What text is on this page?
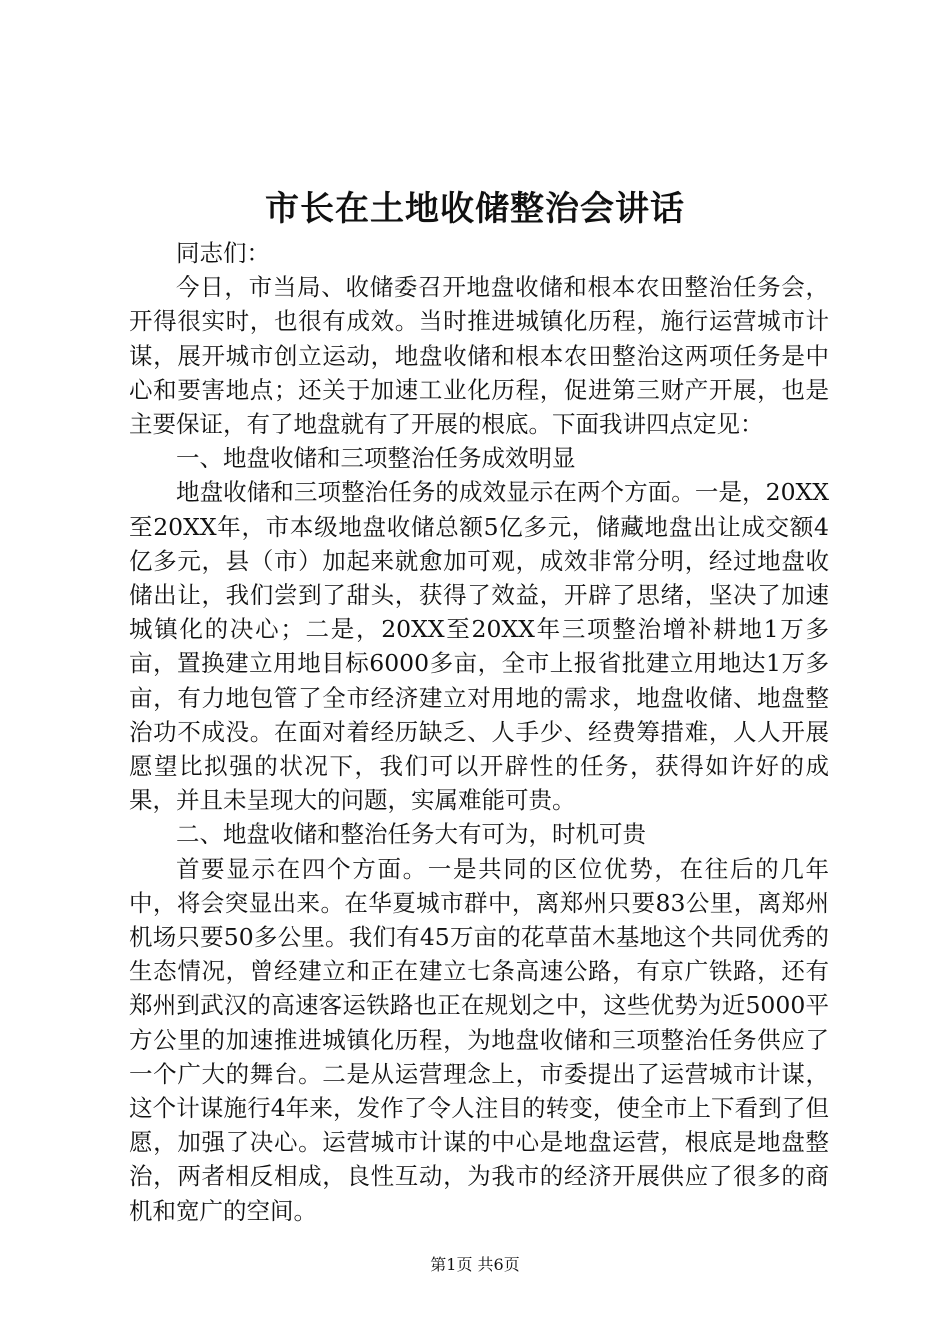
市长在土地收储整治会讲话

同志们：

今日，市当局、收储委召开地盘收储和根本农田整治任务会，开得很实时，也很有成效。当时推进城镇化历程，施行运营城市计谋，展开城市创立运动，地盘收储和根本农田整治这两项任务是中心和要害地点；还关于加速工业化历程，促进第三财产开展，也是主要保证，有了地盘就有了开展的根底。下面我讲四点定见：

一、地盘收储和三项整治任务成效明显

地盘收储和三项整治任务的成效显示在两个方面。一是，20XX至20XX年，市本级地盘收储总额5亿多元，储藏地盘出让成交额4亿多元，县（市）加起来就愈加可观，成效非常分明，经过地盘收储出让，我们尝到了甜头，获得了效益，开辟了思绪，坚决了加速城镇化的决心；二是，20XX至20XX年三项整治增补耕地1万多亩，置换建立用地目标6000多亩，全市上报省批建立用地达1万多亩，有力地包管了全市经济建立对用地的需求，地盘收储、地盘整治功不成没。在面对着经历缺乏、人手少、经费筹措难，人人开展愿望比拟强的状况下，我们可以开辟性的任务，获得如许好的成果，并且未呈现大的问题，实属难能可贵。

二、地盘收储和整治任务大有可为，时机可贵

首要显示在四个方面。一是共同的区位优势，在往后的几年中，将会突显出来。在华夏城市群中，离郑州只要83公里，离郑州机场只要50多公里。我们有45万亩的花草苗木基地这个共同优秀的生态情况，曾经建立和正在建立七条高速公路，有京广铁路，还有郑州到武汉的高速客运铁路也正在规划之中，这些优势为近5000平方公里的加速推进城镇化历程，为地盘收储和三项整治任务供应了一个广大的舞台。二是从运营理念上，市委提出了运营城市计谋，这个计谋施行4年来，发作了令人注目的转变，使全市上下看到了但愿，加强了决心。运营城市计谋的中心是地盘运营，根底是地盘整治，两者相反相成，良性互动，为我市的经济开展供应了很多的商机和宽广的空间。

第1页 共6页
